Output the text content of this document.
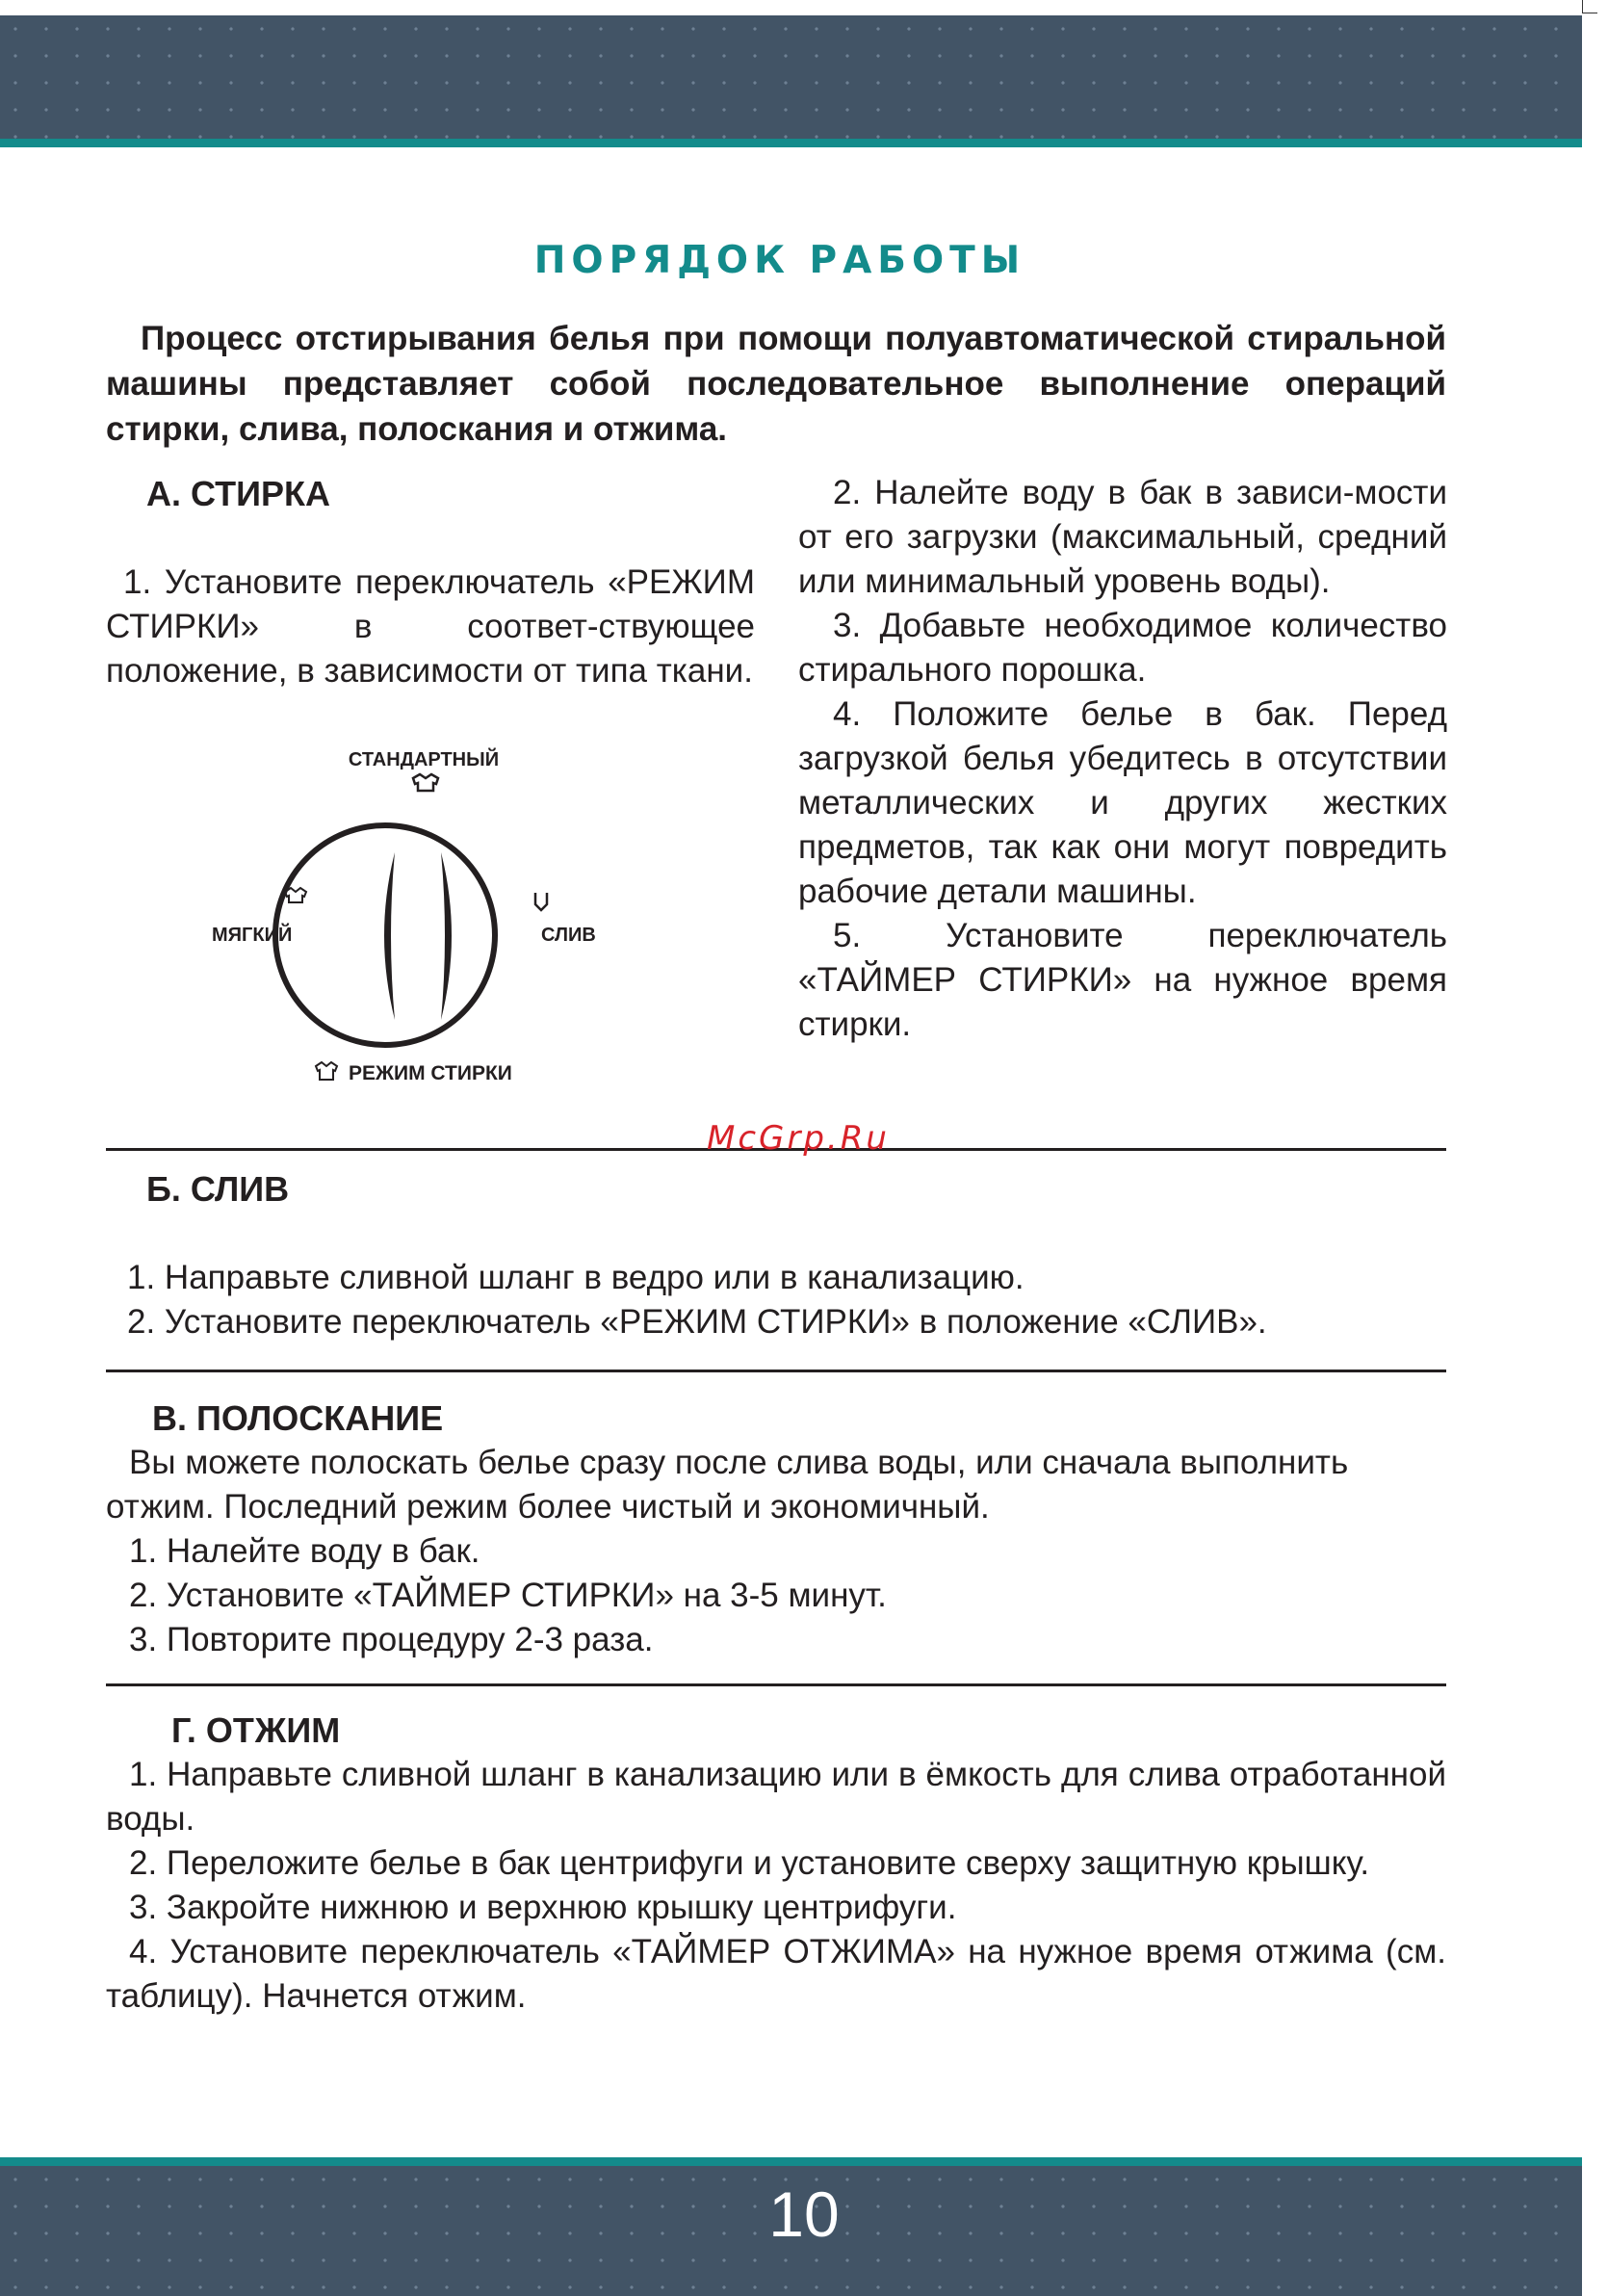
ПОРЯДОК РАБОТЫ

Процесс отстирывания белья при помощи полуавтоматической стиральной машины представляет собой последовательное выполнение операций стирки, слива, полоскания и отжима.

А. СТИРКА

1. Установите переключатель «РЕЖИМ СТИРКИ» в соответ-ствующее положение, в зависимости от типа ткани.

СТАНДАРТНЫЙ
МЯГКИЙ	СЛИВ
РЕЖИМ СТИРКИ

2. Налейте воду в бак в зависи-мости от его загрузки (максимальный, средний или минимальный уровень воды).

3. Добавьте необходимое количество стирального порошка.

4. Положите белье в бак. Перед загрузкой белья убедитесь в отсутствии металлических и других жестких предметов, так как они могут повредить рабочие детали машины.

5. Установите переключатель «ТАЙМЕР СТИРКИ» на нужное время стирки.

McGrp.Ru

Б. СЛИВ

1. Направьте сливной шланг в ведро или в канализацию.

2. Установите переключатель «РЕЖИМ СТИРКИ» в положение «СЛИВ».

В. ПОЛОСКАНИЕ

Вы можете полоскать белье сразу после слива воды, или сначала выполнить отжим. Последний режим более чистый и экономичный.

1. Налейте воду в бак.

2. Установите «ТАЙМЕР СТИРКИ» на 3-5 минут.

3. Повторите процедуру 2-3 раза.

Г. ОТЖИМ

1. Направьте сливной шланг в канализацию или в ёмкость для слива отработанной воды.

2. Переложите белье в бак центрифуги и установите сверху защитную крышку.

3. Закройте нижнюю и верхнюю крышку центрифуги.

4. Установите переключатель «ТАЙМЕР ОТЖИМА» на нужное время отжима (см. таблицу). Начнется отжим.

10
